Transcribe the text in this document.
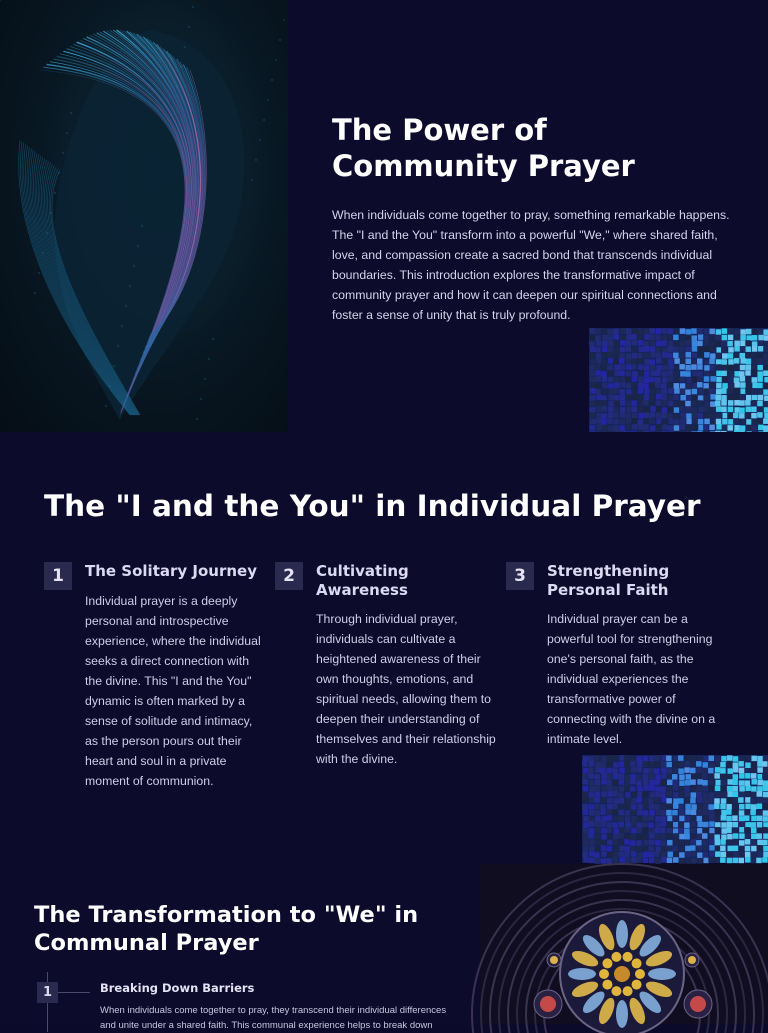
The Power of Community Prayer

When individuals come together to pray, something remarkable happens. The "I and the You" transform into a powerful "We," where shared faith, love, and compassion create a sacred bond that transcends individual boundaries. This introduction explores the transformative impact of community prayer and how it can deepen our spiritual connections and foster a sense of unity that is truly profound.

The "I and the You" in Individual Prayer
1	The Solitary Journey
Individual prayer is a deeply personal and introspective experience, where the individual seeks a direct connection with the divine. This "I and the You" dynamic is often marked by a sense of solitude and intimacy, as the person pours out their heart and soul in a private moment of communion.
2	Cultivating Awareness
Through individual prayer, individuals can cultivate a heightened awareness of their own thoughts, emotions, and spiritual needs, allowing them to deepen their understanding of themselves and their relationship with the divine.
3	Strengthening Personal Faith
Individual prayer can be a powerful tool for strengthening one's personal faith, as the individual experiences the transformative power of connecting with the divine on a intimate level.
The Transformation to "We" in Communal Prayer
1	Breaking Down Barriers
When individuals come together to pray, they transcend their individual differences and unite under a shared faith. This communal experience helps to break down
